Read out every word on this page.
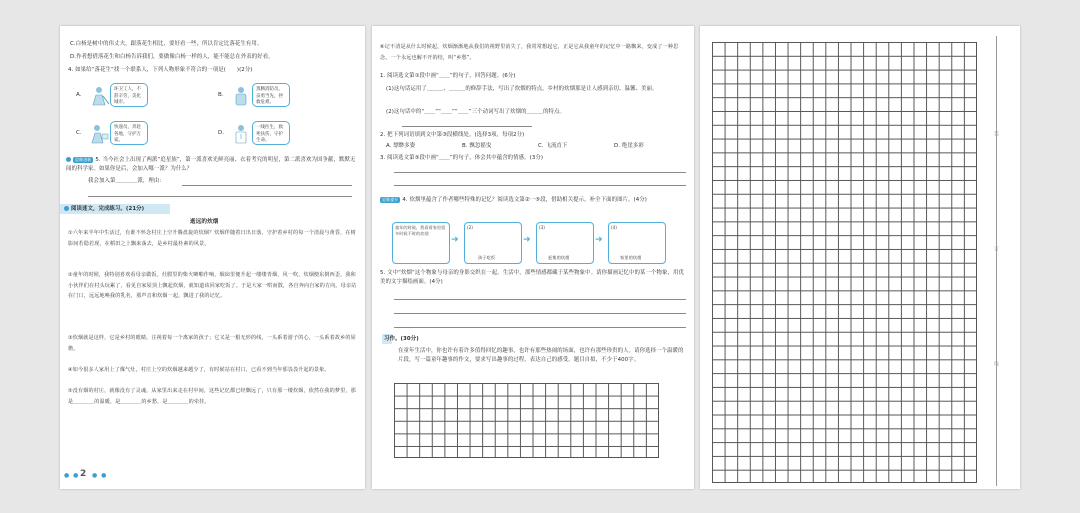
C.白杨是树中的伟丈夫，跟落花生相比，要好看一些，所以肯定比落花生有用。
D.作者想借落花生和白杨告诉我们，要做像白杨一样的人，能不能总在外表的好看。
4. 如果给“落花生”找一个联系人，下列人物形象不符合的一项是(　　)(2分)
A.
环卫工人，不辞辛劳，美化城市。
B.
蒸腾消防员，奋勇当先，拯救危难。
C.
快递员，奔赴各地，守护万家。
D.
一线医生，救死扶伤，守护生命。
思维创新 5. 当今社会上出现了两派“追星族”，第一派喜欢光鲜亮丽、衣着考究的明星，第二派喜欢为国争献，默默无闻的科学家。如果你是后，会加入哪一派？为什么？
我会加入第＿＿＿＿派，理由：
阅读迷文，完成练习。(21分)
逝远的炊烟
①六年来半年中生活过，有谁不怀念村庄上空升腾盘旋的炊烟？炊烟伴随着日出日落，守护着乡村的每一个清晨与黄昏，在树影间若隐若现，在稻田之上飘来荡去，是乡村最朴素的风景。
②童年的时候，我特别喜欢看母亲做饭。灶膛里的柴火噼啪作响，烟囱里便升起一缕缕青烟，风一吹，炊烟便东倒西歪，我和小伙伴们在村头玩累了，看见自家屋顶上飘起炊烟，就知道该回家吃饭了。于是大家一哄而散，各自奔向自家的方向。母亲站在门口，远远地唤我的乳名，那声音和炊烟一起，飘进了我的记忆。
③炊烟就是这样，它是乡村的眼睛，注视着每一个离家的孩子；它又是一根无形的线，一头系着游子的心，一头系着故乡的屋檐。
④如今很多人家用上了煤气灶，村庄上空的炊烟越来越少了，有时候站在村口，已看不到当年那袅袅升起的景象。
⑤没有烟的村庄，就像没有了灵魂。从家里出来走在村中间，这些记忆都已经飘远了，只有那一缕炊烟，依然在我的梦里，那是＿＿＿＿的温暖，是＿＿＿＿的乡愁，是＿＿＿＿的牵挂。
● ● 2 ● ●
⑥记不清是从什么时候起，炊烟渐渐地从我们的视野里消失了，我常常想起它，正是它从我童年的记忆中一路飘来，变成了一种思念，一个永远也解不开的结，叫“乡愁”。
1. 阅读选文第①段中画“＿＿”的句子，回答问题。(6分)
(1)这句话运用了＿＿＿、＿＿＿的修辞手法，写出了炊烟的特点，乡村的炊烟那是让人感到亲切、温馨、美丽。
(2)这句话中的“＿＿”“＿＿”“＿＿”三个动词写出了炊烟的＿＿＿的特点。
2. 把下列词语填到文中第③段横线处。(选择3项，每项2分)
A. 缥缈多姿	B. 飘忽摇曳	C. 飞流直下	D. 绝崖多彩
3. 阅读选文第⑤段中画“＿＿”的句子，体会其中蕴含的情感。(3分)
思维提升 4. 炊烟里蕴含了作者哪些特殊的记忆？阅读选文第②一⑤段，借助相关提示，补全下面的图片。(4分)
童年的时候，我看着家里很多时候不时的炊烟
➜
(2)
➜
(3)
➜
(4)
孩子吃饭	赶集的炊烟	家里的炊烟
5. 文中“炊烟”这个物象与母亲的身影交织在一起。生活中，那些情感都藏于某些物象中。请你描画记忆中的某一个物象，用优美的文字描绘画面。(4分)
习作。(30分)
在童年生活中，你也许有着许多值得回忆的趣事，也许有那些热闹的场面，也许有那些珍贵的人。请你选择一个温暖的片段，写一篇童年趣事的作文，要求写出趣事的过程，表达自己的感受。题目自拟，不少于400字。
装
订
线
